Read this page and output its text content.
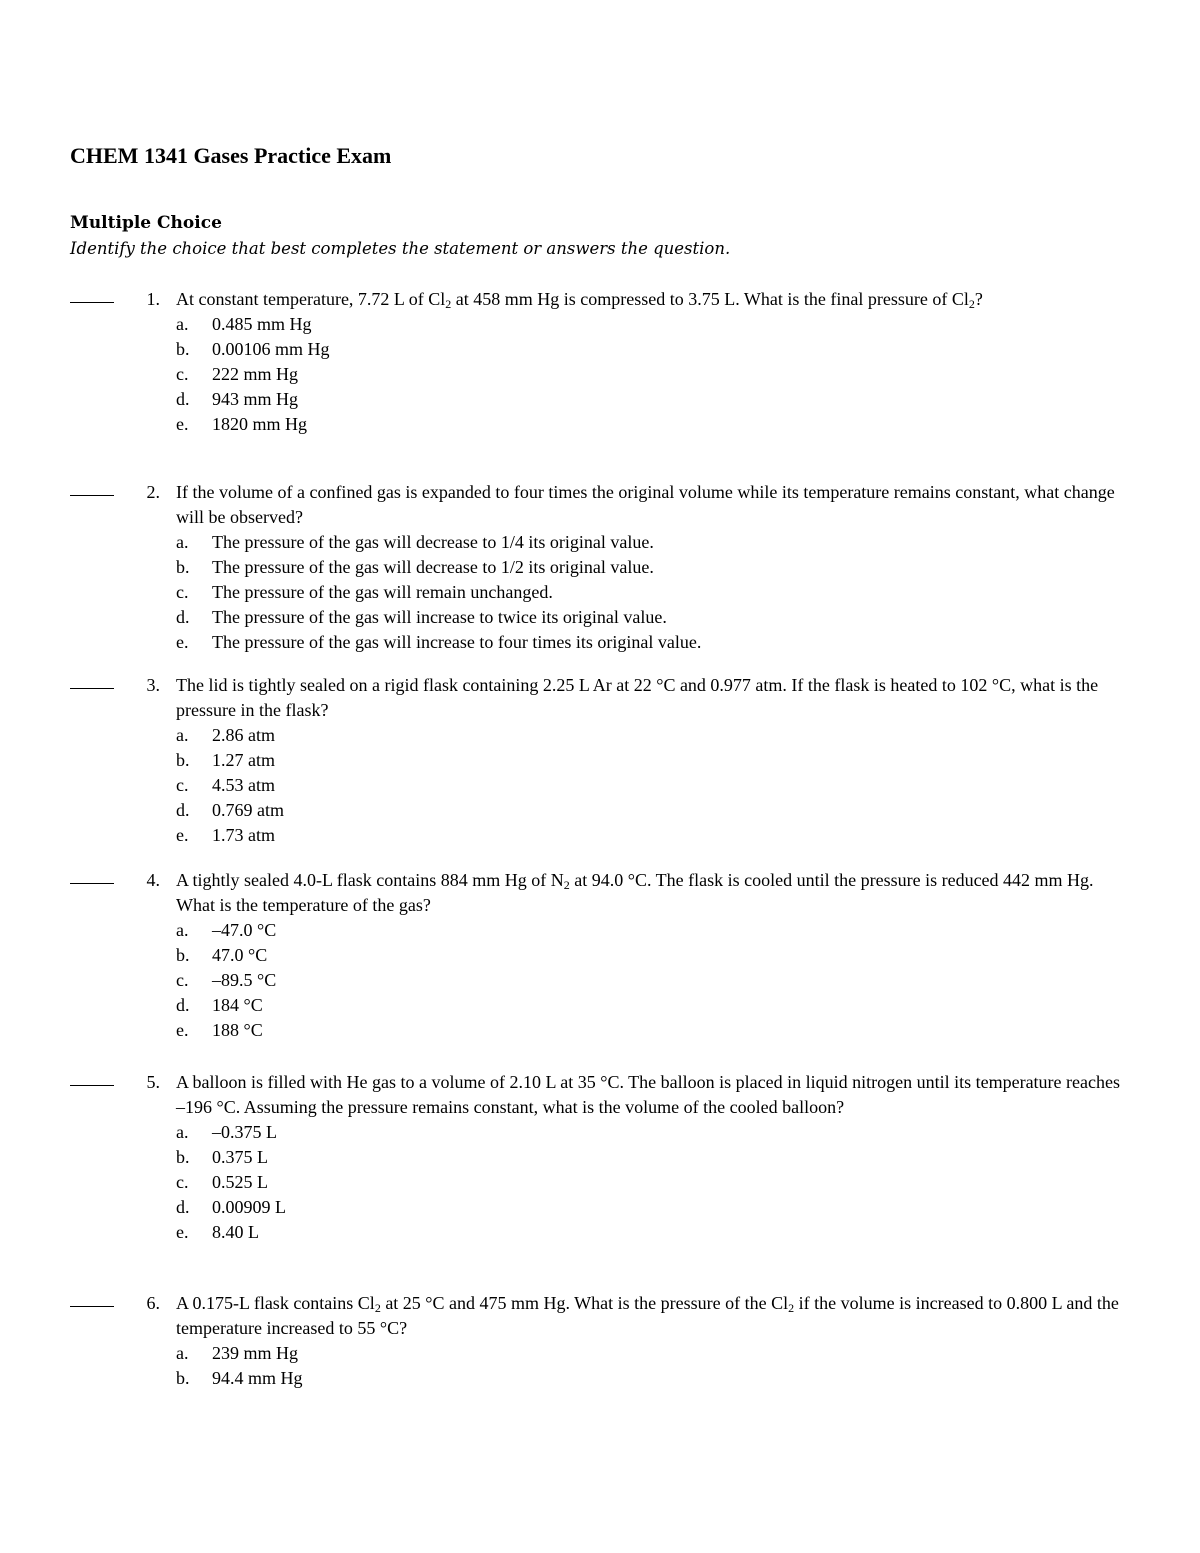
CHEM 1341 Gases Practice Exam
Multiple Choice
Identify the choice that best completes the statement or answers the question.
1. At constant temperature, 7.72 L of $Cl_2$ at 458 mm Hg is compressed to 3.75 L. What is the final pressure of $Cl_2$?
a. 0.485 mm Hg
b. 0.00106 mm Hg
c. 222 mm Hg
d. 943 mm Hg
e. 1820 mm Hg
2. If the volume of a confined gas is expanded to four times the original volume while its temperature remains constant, what change will be observed?
a. The pressure of the gas will decrease to 1/4 its original value.
b. The pressure of the gas will decrease to 1/2 its original value.
c. The pressure of the gas will remain unchanged.
d. The pressure of the gas will increase to twice its original value.
e. The pressure of the gas will increase to four times its original value.
3. The lid is tightly sealed on a rigid flask containing 2.25 L Ar at 22 °C and 0.977 atm. If the flask is heated to 102 °C, what is the pressure in the flask?
a. 2.86 atm
b. 1.27 atm
c. 4.53 atm
d. 0.769 atm
e. 1.73 atm
4. A tightly sealed 4.0-L flask contains 884 mm Hg of $N_2$ at 94.0 °C. The flask is cooled until the pressure is reduced 442 mm Hg. What is the temperature of the gas?
a. –47.0 °C
b. 47.0 °C
c. –89.5 °C
d. 184 °C
e. 188 °C
5. A balloon is filled with He gas to a volume of 2.10 L at 35 °C. The balloon is placed in liquid nitrogen until its temperature reaches –196 °C. Assuming the pressure remains constant, what is the volume of the cooled balloon?
a. –0.375 L
b. 0.375 L
c. 0.525 L
d. 0.00909 L
e. 8.40 L
6. A 0.175-L flask contains $Cl_2$ at 25 °C and 475 mm Hg. What is the pressure of the $Cl_2$ if the volume is increased to 0.800 L and the temperature increased to 55 °C?
a. 239 mm Hg
b. 94.4 mm Hg
